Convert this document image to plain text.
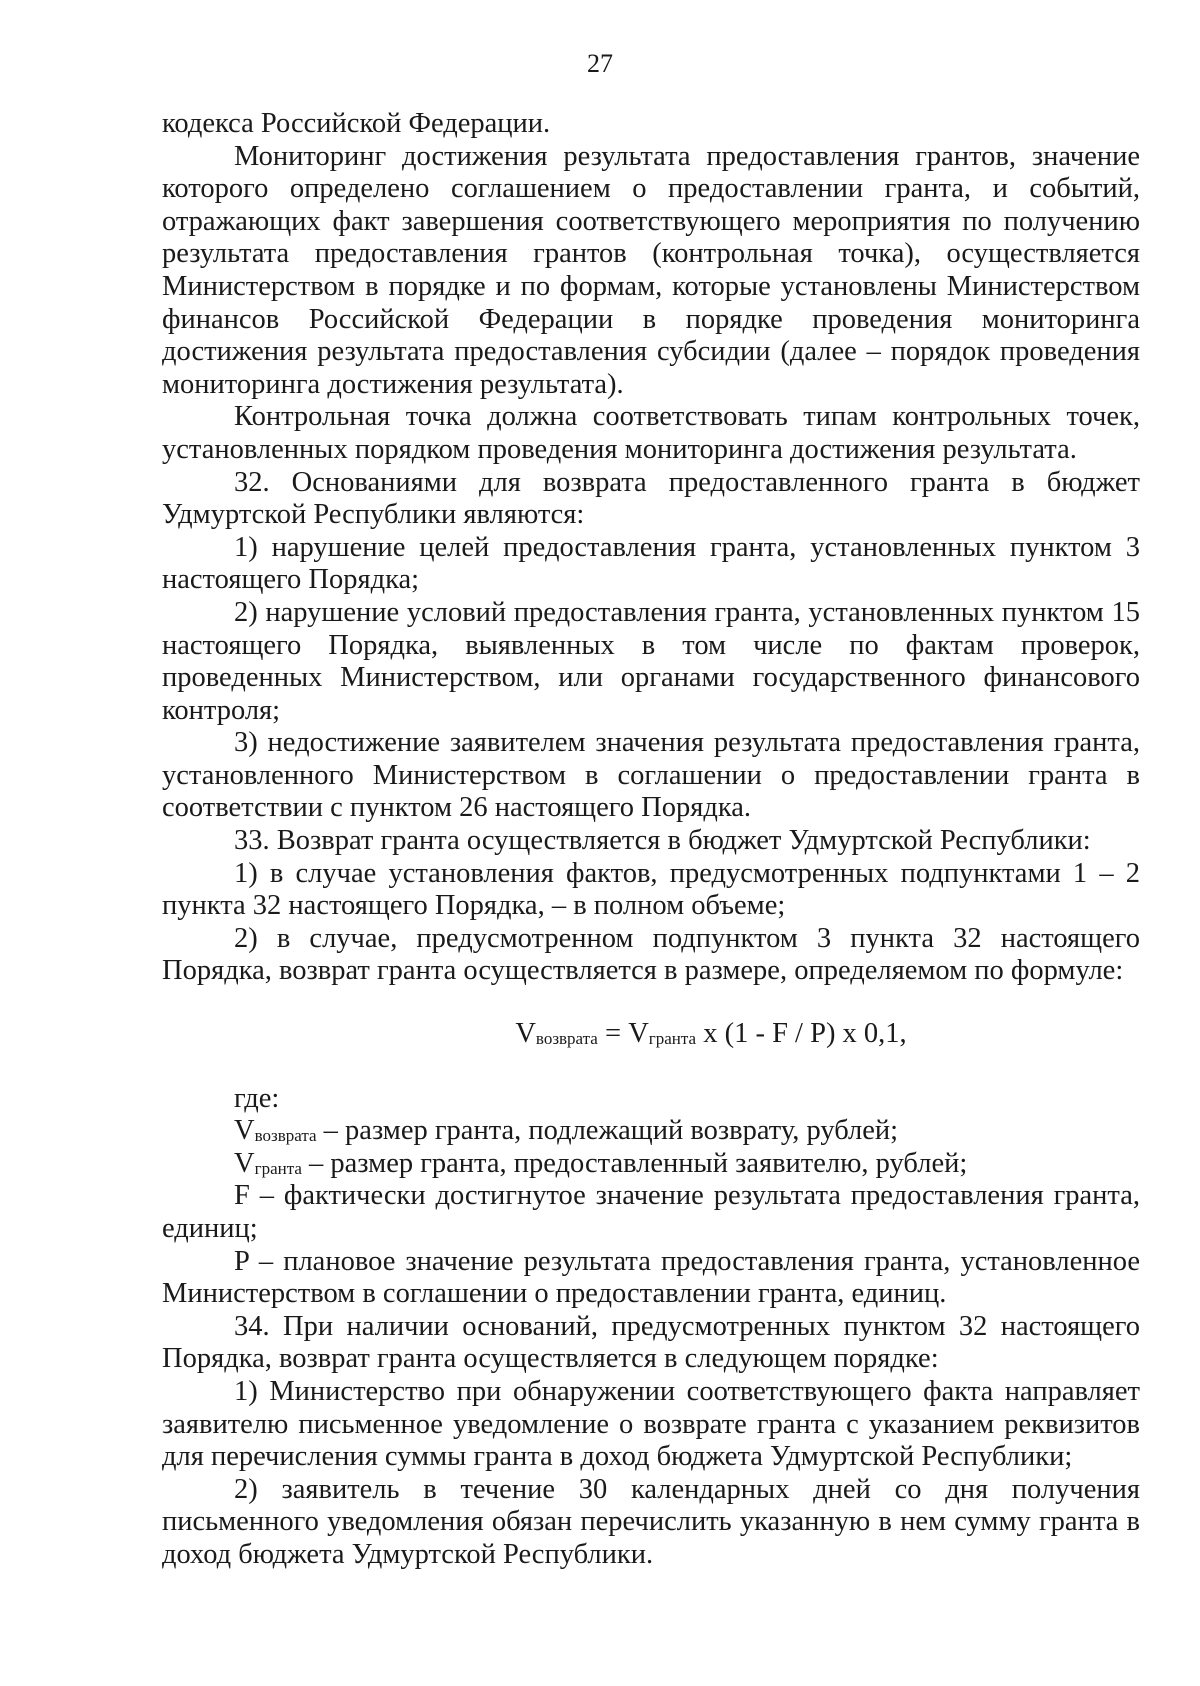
27

кодекса Российской Федерации.

Мониторинг достижения результата предоставления грантов, значение которого определено соглашением о предоставлении гранта, и событий, отражающих факт завершения соответствующего мероприятия по получению результата предоставления грантов (контрольная точка), осуществляется Министерством в порядке и по формам, которые установлены Министерством финансов Российской Федерации в порядке проведения мониторинга достижения результата предоставления субсидии (далее – порядок проведения мониторинга достижения результата).

Контрольная точка должна соответствовать типам контрольных точек, установленных порядком проведения мониторинга достижения результата.

32. Основаниями для возврата предоставленного гранта в бюджет Удмуртской Республики являются:

1) нарушение целей предоставления гранта, установленных пунктом 3 настоящего Порядка;

2) нарушение условий предоставления гранта, установленных пунктом 15 настоящего Порядка, выявленных в том числе по фактам проверок, проведенных Министерством, или органами государственного финансового контроля;

3) недостижение заявителем значения результата предоставления гранта, установленного Министерством в соглашении о предоставлении гранта в соответствии с пунктом 26 настоящего Порядка.

33. Возврат гранта осуществляется в бюджет Удмуртской Республики:

1) в случае установления фактов, предусмотренных подпунктами 1 – 2 пункта 32 настоящего Порядка, – в полном объеме;

2) в случае, предусмотренном подпунктом 3 пункта 32 настоящего Порядка, возврат гранта осуществляется в размере, определяемом по формуле:

$V_{возврата} = V_{гранта}$ x (1 - F / P) x 0,1,

где:

$V_{возврата}$ – размер гранта, подлежащий возврату, рублей;

$V_{гранта}$ – размер гранта, предоставленный заявителю, рублей;

F – фактически достигнутое значение результата предоставления гранта, единиц;

P – плановое значение результата предоставления гранта, установленное Министерством в соглашении о предоставлении гранта, единиц.

34. При наличии оснований, предусмотренных пунктом 32 настоящего Порядка, возврат гранта осуществляется в следующем порядке:

1) Министерство при обнаружении соответствующего факта направляет заявителю письменное уведомление о возврате гранта с указанием реквизитов для перечисления суммы гранта в доход бюджета Удмуртской Республики;

2) заявитель в течение 30 календарных дней со дня получения письменного уведомления обязан перечислить указанную в нем сумму гранта в доход бюджета Удмуртской Республики.
